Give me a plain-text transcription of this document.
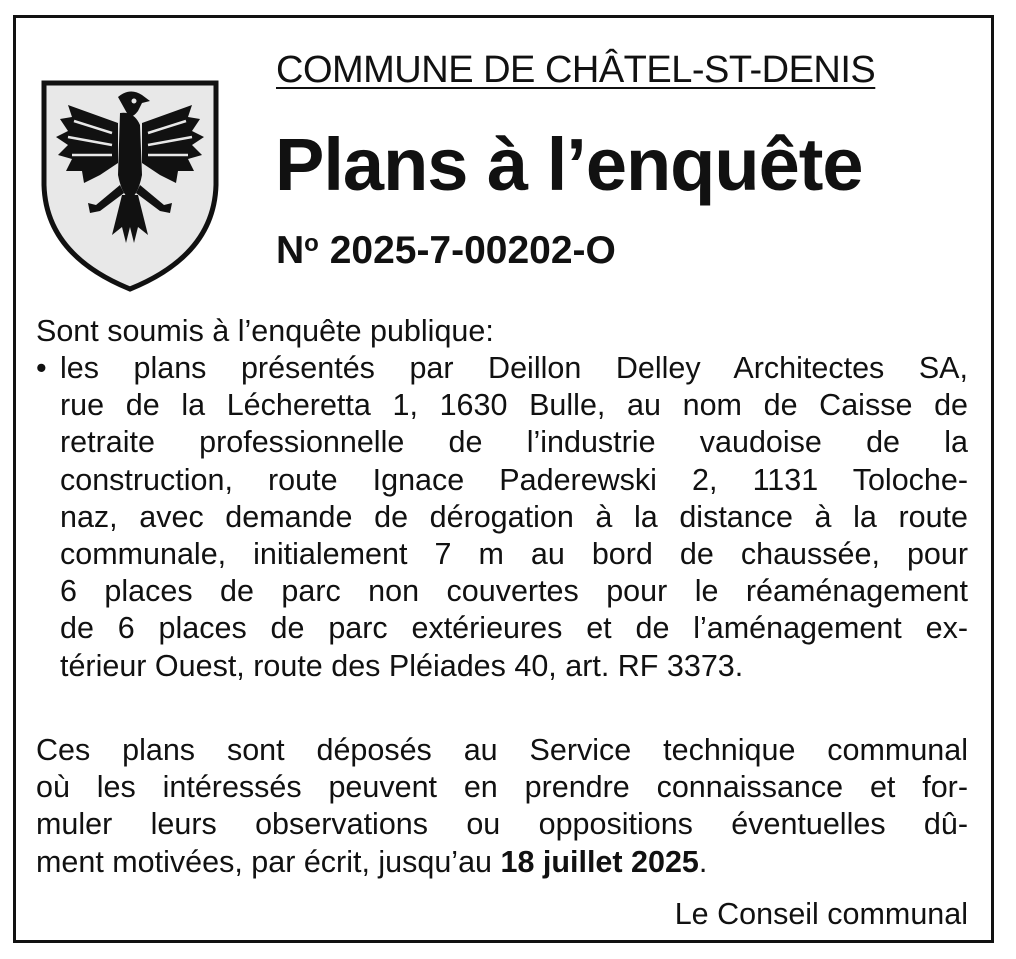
COMMUNE DE CHÂTEL-ST-DENIS
Plans à l’enquête
$N^o$ 2025-7-00202-O
Sont soumis à l’enquête publique:
• les plans présentés par Deillon Delley Architectes SA,
rue de la Lécheretta 1, 1630 Bulle, au nom de Caisse de
retraite professionnelle de l’industrie vaudoise de la
construction, route Ignace Paderewski 2, 1131 Toloche-
naz, avec demande de dérogation à la distance à la route
communale, initialement 7 m au bord de chaussée, pour
6 places de parc non couvertes pour le réaménagement
de 6 places de parc extérieures et de l’aménagement ex-
térieur Ouest, route des Pléiades 40, art. RF 3373.
Ces plans sont déposés au Service technique communal
où les intéressés peuvent en prendre connaissance et for-
muler leurs observations ou oppositions éventuelles dû-
ment motivées, par écrit, jusqu’au 18 juillet 2025.
Le Conseil communal
